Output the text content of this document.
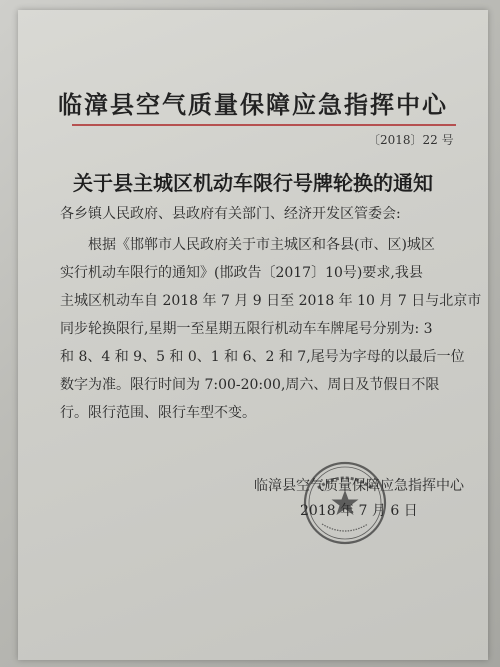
临漳县空气质量保障应急指挥中心
〔2018〕22 号
关于县主城区机动车限行号牌轮换的通知
各乡镇人民政府、县政府有关部门、经济开发区管委会:
根据《邯郸市人民政府关于市主城区和各县(市、区)城区
实行机动车限行的通知》(邯政告〔2017〕10号)要求,我县
主城区机动车自 2018 年 7 月 9 日至 2018 年 10 月 7 日与北京市
同步轮换限行,星期一至星期五限行机动车车牌尾号分别为: 3
和 8、4 和 9、5 和 0、1 和 6、2 和 7,尾号为字母的以最后一位
数字为准。限行时间为 7:00-20:00,周六、周日及节假日不限
行。限行范围、限行车型不变。
临漳县空气质量保障应急指挥中心
2018 年 7 月 6 日
